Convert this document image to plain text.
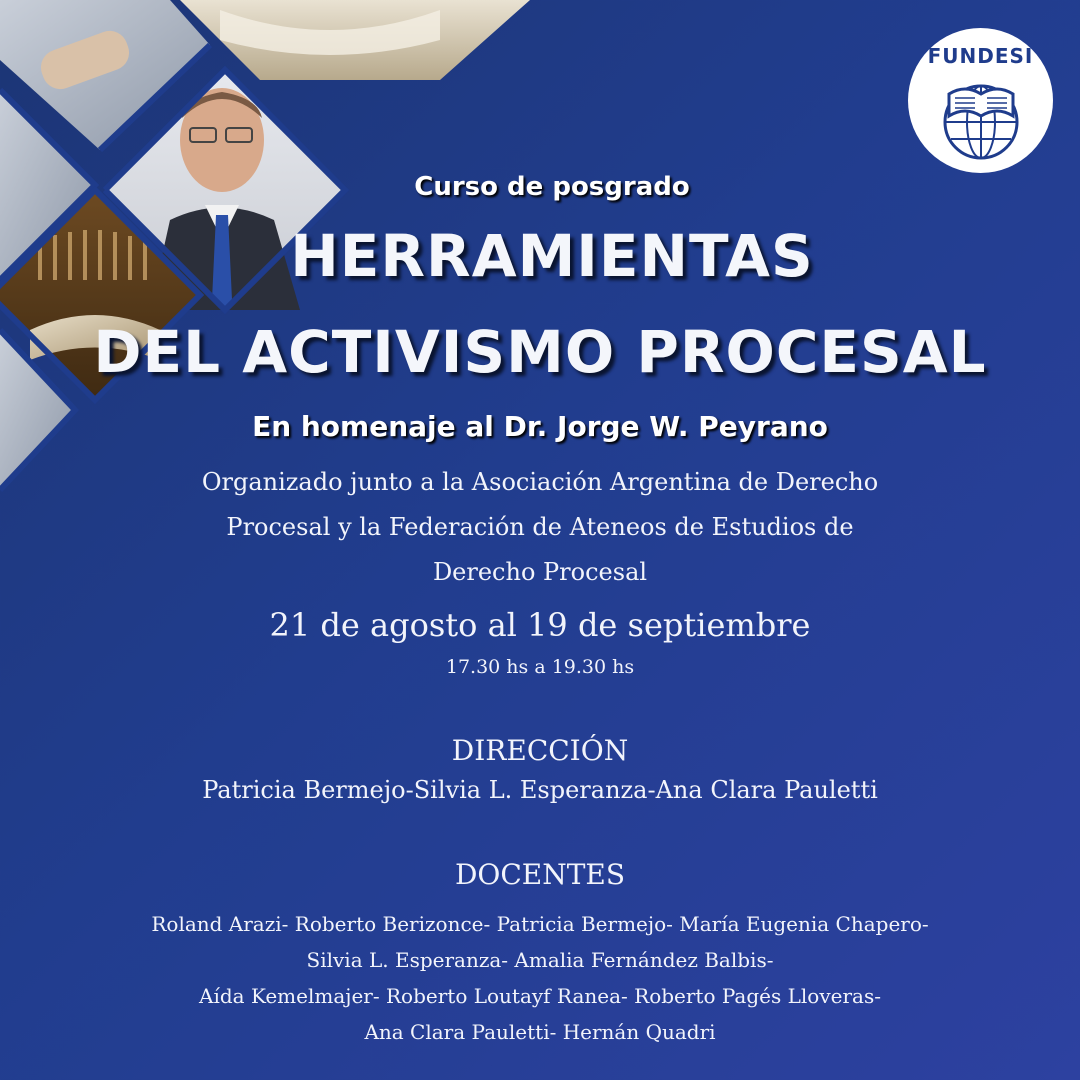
FUNDESI
Curso de posgrado
HERRAMIENTAS
DEL ACTIVISMO PROCESAL
En homenaje al Dr. Jorge W. Peyrano
Organizado junto a la Asociación Argentina de Derecho
Procesal y la Federación de Ateneos de Estudios de
Derecho Procesal
21 de agosto al 19 de septiembre
17.30 hs a 19.30 hs
DIRECCIÓN
Patricia Bermejo-Silvia L. Esperanza-Ana Clara Pauletti
DOCENTES
Roland Arazi- Roberto Berizonce- Patricia Bermejo- María Eugenia Chapero-
Silvia L. Esperanza- Amalia Fernández Balbis-
Aída Kemelmajer- Roberto Loutayf Ranea- Roberto Pagés Lloveras-
Ana Clara Pauletti- Hernán Quadri
